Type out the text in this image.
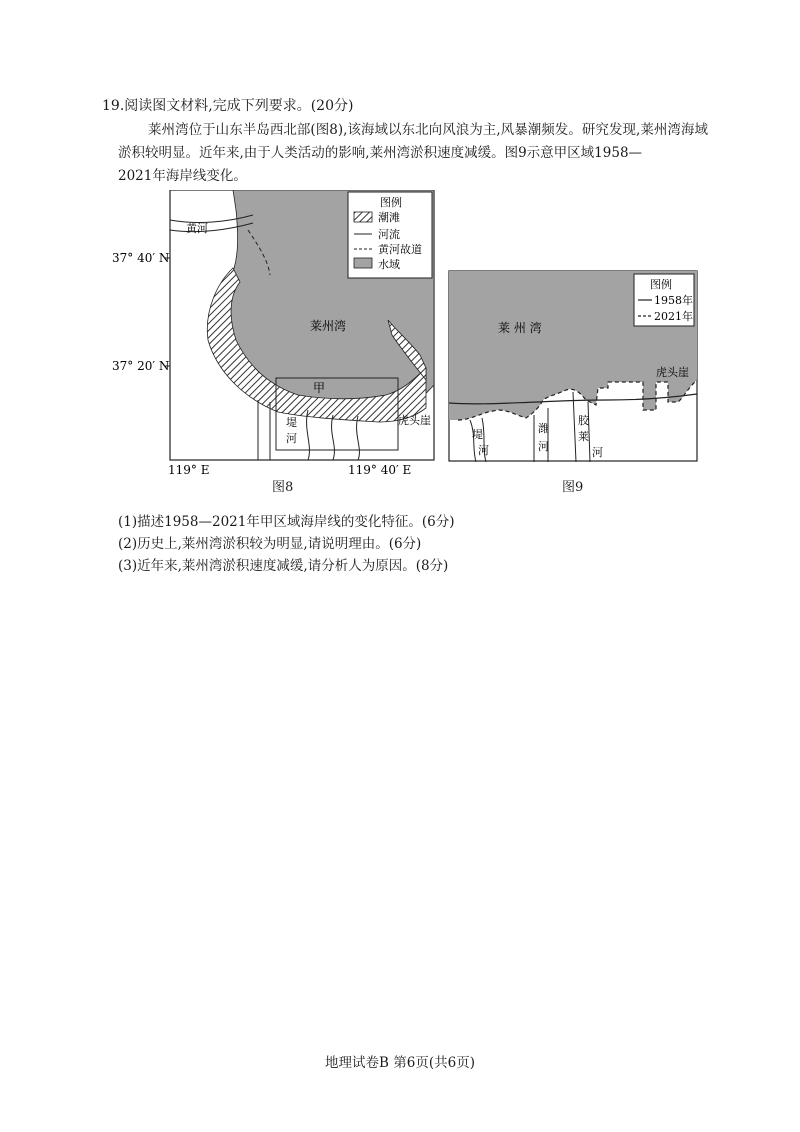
19.阅读图文材料,完成下列要求。(20分)
莱州湾位于山东半岛西北部(图8),该海域以东北向风浪为主,风暴潮频发。研究发现,莱州湾海域淤积较明显。近年来,由于人类活动的影响,莱州湾淤积速度减缓。图9示意甲区域1958—
2021年海岸线变化。
图例
潮滩
河流
黄河故道
水域
黄河
莱州湾
甲
虎头崖
堤
河
37° 40′ N
37° 20′ N
119° E	119° 40′ E
图8
图例
1958年
2021年
莱 州 湾
虎头崖
堤
河
潍
河
胶
莱
河
图9
(1)描述1958—2021年甲区域海岸线的变化特征。(6分)
(2)历史上,莱州湾淤积较为明显,请说明理由。(6分)
(3)近年来,莱州湾淤积速度减缓,请分析人为原因。(8分)
地理试卷B 第6页(共6页)
